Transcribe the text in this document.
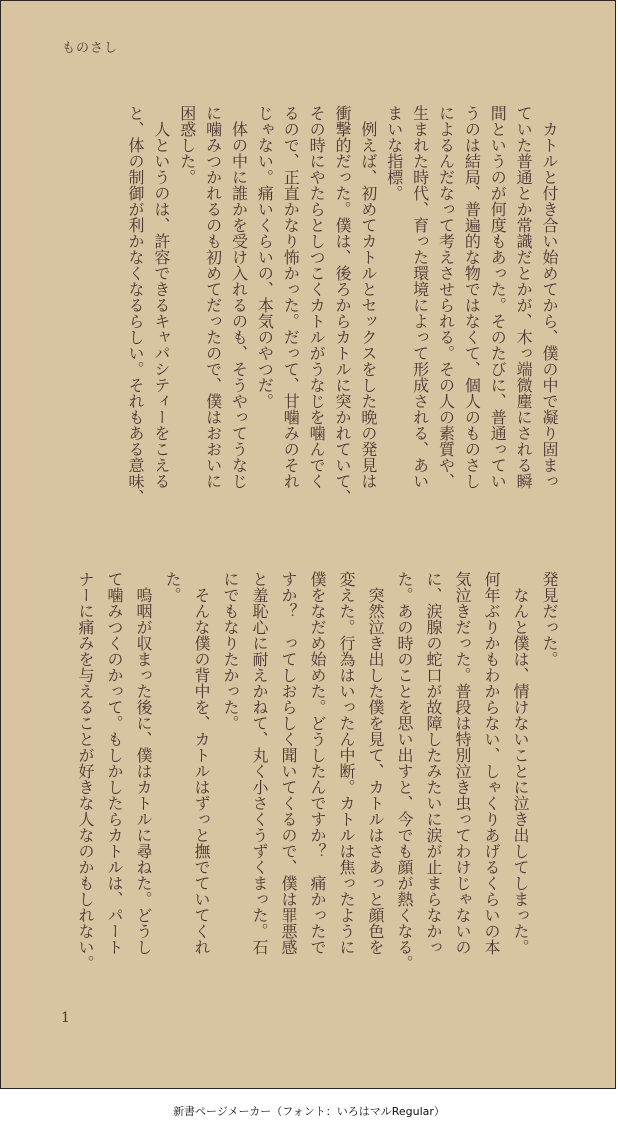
ものさし
　カトルと付き合い始めてから、僕の中で凝り固まっ
ていた普通とか常識だとかが、木っ端微塵にされる瞬
間というのが何度もあった。そのたびに、普通ってい
うのは結局、普遍的な物ではなくて、個人のものさし
によるんだなって考えさせられる。その人の素質や、
生まれた時代、育った環境によって形成される、あい
まいな指標。
　例えば、初めてカトルとセックスをした晩の発見は
衝撃的だった。僕は、後ろからカトルに突かれていて、
その時にやたらとしつこくカトルがうなじを噛んでく
るので、正直かなり怖かった。だって、甘噛みのそれ
じゃない。痛いくらいの、本気のやつだ。
　体の中に誰かを受け入れるのも、そうやってうなじ
に噛みつかれるのも初めてだったので、僕はおおいに
困惑した。
　人というのは、許容できるキャパシティーをこえる
と、体の制御が利かなくなるらしい。それもある意味、
発見だった。
　なんと僕は、情けないことに泣き出してしまった。
何年ぶりかもわからない、しゃくりあげるくらいの本
気泣きだった。普段は特別泣き虫ってわけじゃないの
に、涙腺の蛇口が故障したみたいに涙が止まらなかっ
た。あの時のことを思い出すと、今でも顔が熱くなる。
　突然泣き出した僕を見て、カトルはさあっと顔色を
変えた。行為はいったん中断。カトルは焦ったように
僕をなだめ始めた。どうしたんですか？　痛かったで
すか？　ってしおらしく聞いてくるので、僕は罪悪感
と羞恥心に耐えかねて、丸く小さくうずくまった。石
にでもなりたかった。
　そんな僕の背中を、カトルはずっと撫でていてくれ
た。
　嗚咽が収まった後に、僕はカトルに尋ねた。どうし
て噛みつくのかって。もしかしたらカトルは、パート
ナーに痛みを与えることが好きな人なのかもしれない。
1
新書ページメーカー（フォント：いろはマルRegular）
